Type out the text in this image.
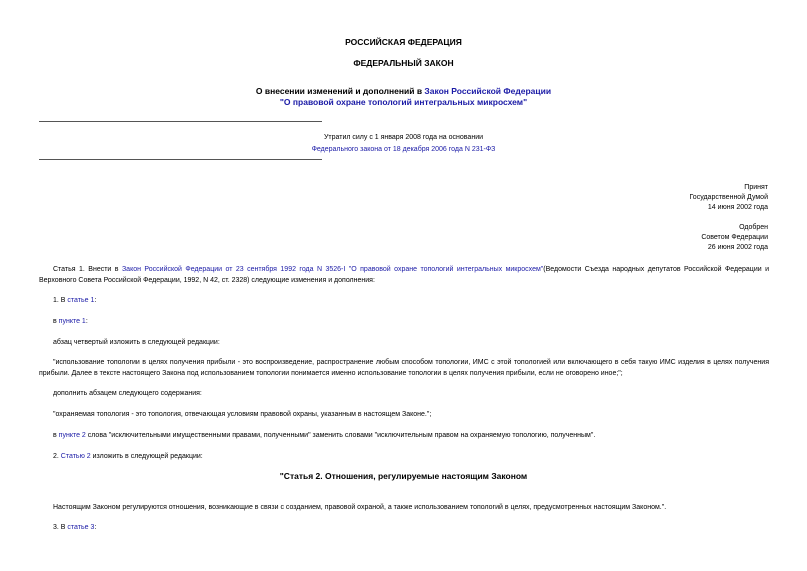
РОССИЙСКАЯ ФЕДЕРАЦИЯ
ФЕДЕРАЛЬНЫЙ ЗАКОН
О внесении изменений и дополнений в Закон Российской Федерации
"О правовой охране топологий интегральных микросхем"
Утратил силу с 1 января 2008 года на основании
Федерального закона от 18 декабря 2006 года N 231-ФЗ
Принят
Государственной Думой
14 июня 2002 года
Одобрен
Советом Федерации
26 июня 2002 года
Статья 1. Внести в Закон Российской Федерации от 23 сентября 1992 года N 3526-I "О правовой охране топологий интегральных микросхем"(Ведомости Съезда народных депутатов Российской Федерации и Верховного Совета Российской Федерации, 1992, N 42, ст. 2328) следующие изменения и дополнения:
1. В статье 1:
в пункте 1:
абзац четвертый изложить в следующей редакции:
"использование топологии в целях получения прибыли - это воспроизведение, распространение любым способом топологии, ИМС с этой топологией или включающего в себя такую ИМС изделия в целях получения прибыли. Далее в тексте настоящего Закона под использованием топологии понимается именно использование топологии в целях получения прибыли, если не оговорено иное;";
дополнить абзацем следующего содержания:
"охраняемая топология - это топология, отвечающая условиям правовой охраны, указанным в настоящем Законе.";
в пункте 2 слова "исключительными имущественными правами, полученными" заменить словами "исключительным правом на охраняемую топологию, полученным".
2. Статью 2 изложить в следующей редакции:
"Статья 2. Отношения, регулируемые настоящим Законом
Настоящим Законом регулируются отношения, возникающие в связи с созданием, правовой охраной, а также использованием топологий в целях, предусмотренных настоящим Законом.".
3. В статье 3:
